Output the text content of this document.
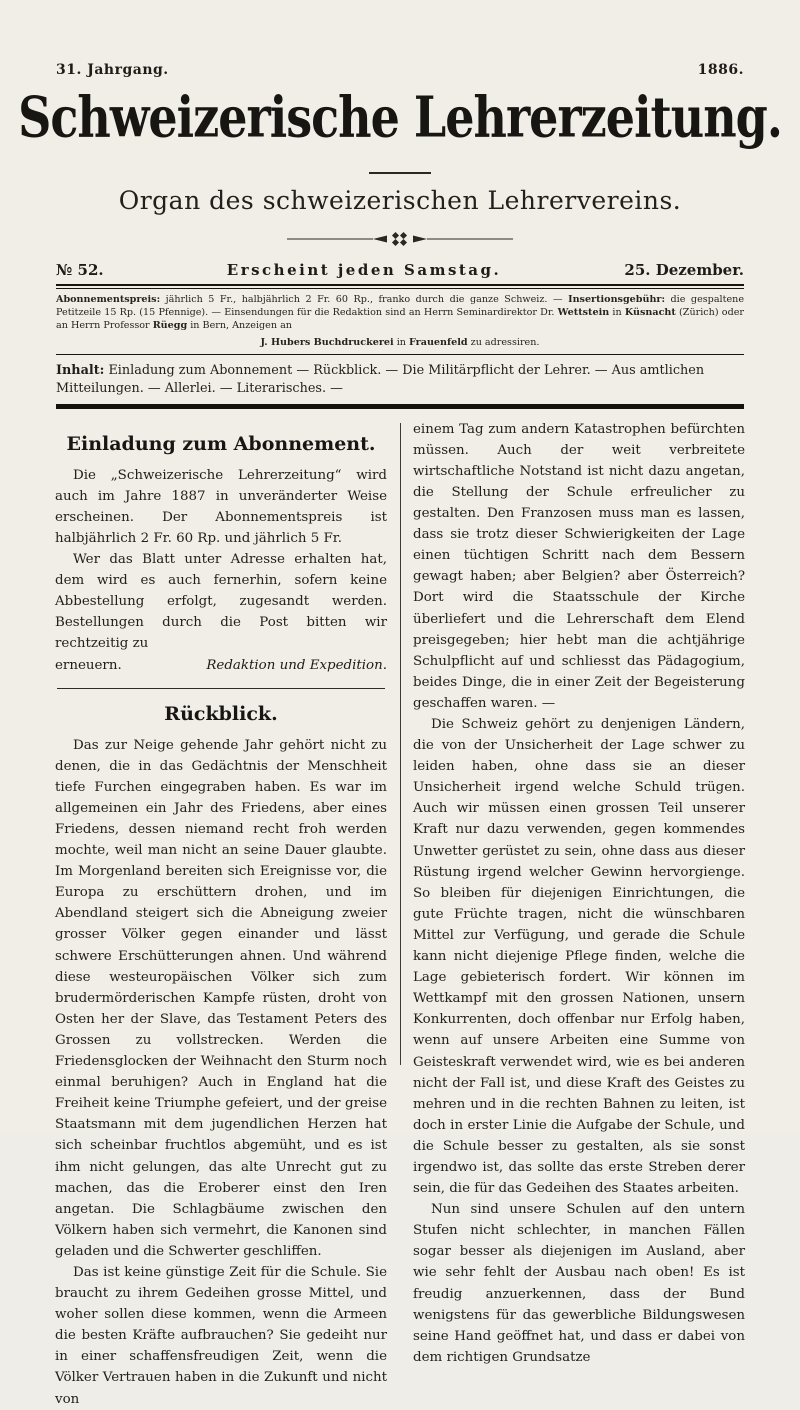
31. Jahrgang.	1886.
Schweizerische Lehrerzeitung.
Organ des schweizerischen Lehrervereins.
№ 52.	Erscheint jeden Samstag.	25. Dezember.
Abonnementspreis: jährlich 5 Fr., halbjährlich 2 Fr. 60 Rp., franko durch die ganze Schweiz. — Insertionsgebühr: die gespaltene Petitzeile 15 Rp. (15 Pfennige). — Einsendungen für die Redaktion sind an Herrn Seminardirektor Dr. Wettstein in Küsnacht (Zürich) oder an Herrn Professor Rüegg in Bern, Anzeigen an
J. Hubers Buchdruckerei in Frauenfeld zu adressiren.
Inhalt: Einladung zum Abonnement — Rückblick. — Die Militärpflicht der Lehrer. — Aus amtlichen Mitteilungen. — Allerlei. — Literarisches. —
Einladung zum Abonnement.

Die „Schweizerische Lehrerzeitung“ wird auch im Jahre 1887 in unveränderter Weise erscheinen. Der Abonnementspreis ist halbjährlich 2 Fr. 60 Rp. und jährlich 5 Fr.

Wer das Blatt unter Adresse erhalten hat, dem wird es auch fernerhin, sofern keine Abbestellung erfolgt, zugesandt werden. Bestellungen durch die Post bitten wir rechtzeitig zu

erneuern.	Redaktion und Expedition.
Rückblick.

Das zur Neige gehende Jahr gehört nicht zu denen, die in das Gedächtnis der Menschheit tiefe Furchen eingegraben haben. Es war im allgemeinen ein Jahr des Friedens, aber eines Friedens, dessen niemand recht froh werden mochte, weil man nicht an seine Dauer glaubte. Im Morgenland bereiten sich Ereignisse vor, die Europa zu erschüttern drohen, und im Abendland steigert sich die Abneigung zweier grosser Völker gegen einander und lässt schwere Erschütterungen ahnen. Und während diese westeuropäischen Völker sich zum brudermörderischen Kampfe rüsten, droht von Osten her der Slave, das Testament Peters des Grossen zu vollstrecken. Werden die Friedensglocken der Weihnacht den Sturm noch einmal beruhigen? Auch in England hat die Freiheit keine Triumphe gefeiert, und der greise Staatsmann mit dem jugendlichen Herzen hat sich scheinbar fruchtlos abgemüht, und es ist ihm nicht gelungen, das alte Unrecht gut zu machen, das die Eroberer einst den Iren angetan. Die Schlagbäume zwischen den Völkern haben sich vermehrt, die Kanonen sind geladen und die Schwerter geschliffen.

Das ist keine günstige Zeit für die Schule. Sie braucht zu ihrem Gedeihen grosse Mittel, und woher sollen diese kommen, wenn die Armeen die besten Kräfte aufbrauchen? Sie gedeiht nur in einer schaffensfreudigen Zeit, wenn die Völker Vertrauen haben in die Zukunft und nicht von

einem Tag zum andern Katastrophen befürchten müssen. Auch der weit verbreitete wirtschaftliche Notstand ist nicht dazu angetan, die Stellung der Schule erfreulicher zu gestalten. Den Franzosen muss man es lassen, dass sie trotz dieser Schwierigkeiten der Lage einen tüchtigen Schritt nach dem Bessern gewagt haben; aber Belgien? aber Österreich? Dort wird die Staatsschule der Kirche überliefert und die Lehrerschaft dem Elend preisgegeben; hier hebt man die achtjährige Schulpflicht auf und schliesst das Pädagogium, beides Dinge, die in einer Zeit der Begeisterung geschaffen waren. —

Die Schweiz gehört zu denjenigen Ländern, die von der Unsicherheit der Lage schwer zu leiden haben, ohne dass sie an dieser Unsicherheit irgend welche Schuld trügen. Auch wir müssen einen grossen Teil unserer Kraft nur dazu verwenden, gegen kommendes Unwetter gerüstet zu sein, ohne dass aus dieser Rüstung irgend welcher Gewinn hervorgienge. So bleiben für diejenigen Einrichtungen, die gute Früchte tragen, nicht die wünschbaren Mittel zur Verfügung, und gerade die Schule kann nicht diejenige Pflege finden, welche die Lage gebieterisch fordert. Wir können im Wettkampf mit den grossen Nationen, unsern Konkurrenten, doch offenbar nur Erfolg haben, wenn auf unsere Arbeiten eine Summe von Geisteskraft verwendet wird, wie es bei anderen nicht der Fall ist, und diese Kraft des Geistes zu mehren und in die rechten Bahnen zu leiten, ist doch in erster Linie die Aufgabe der Schule, und die Schule besser zu gestalten, als sie sonst irgendwo ist, das sollte das erste Streben derer sein, die für das Gedeihen des Staates arbeiten.

Nun sind unsere Schulen auf den untern Stufen nicht schlechter, in manchen Fällen sogar besser als diejenigen im Ausland, aber wie sehr fehlt der Ausbau nach oben! Es ist freudig anzuerkennen, dass der Bund wenigstens für das gewerbliche Bildungswesen seine Hand geöffnet hat, und dass er dabei von dem richtigen Grundsatze
